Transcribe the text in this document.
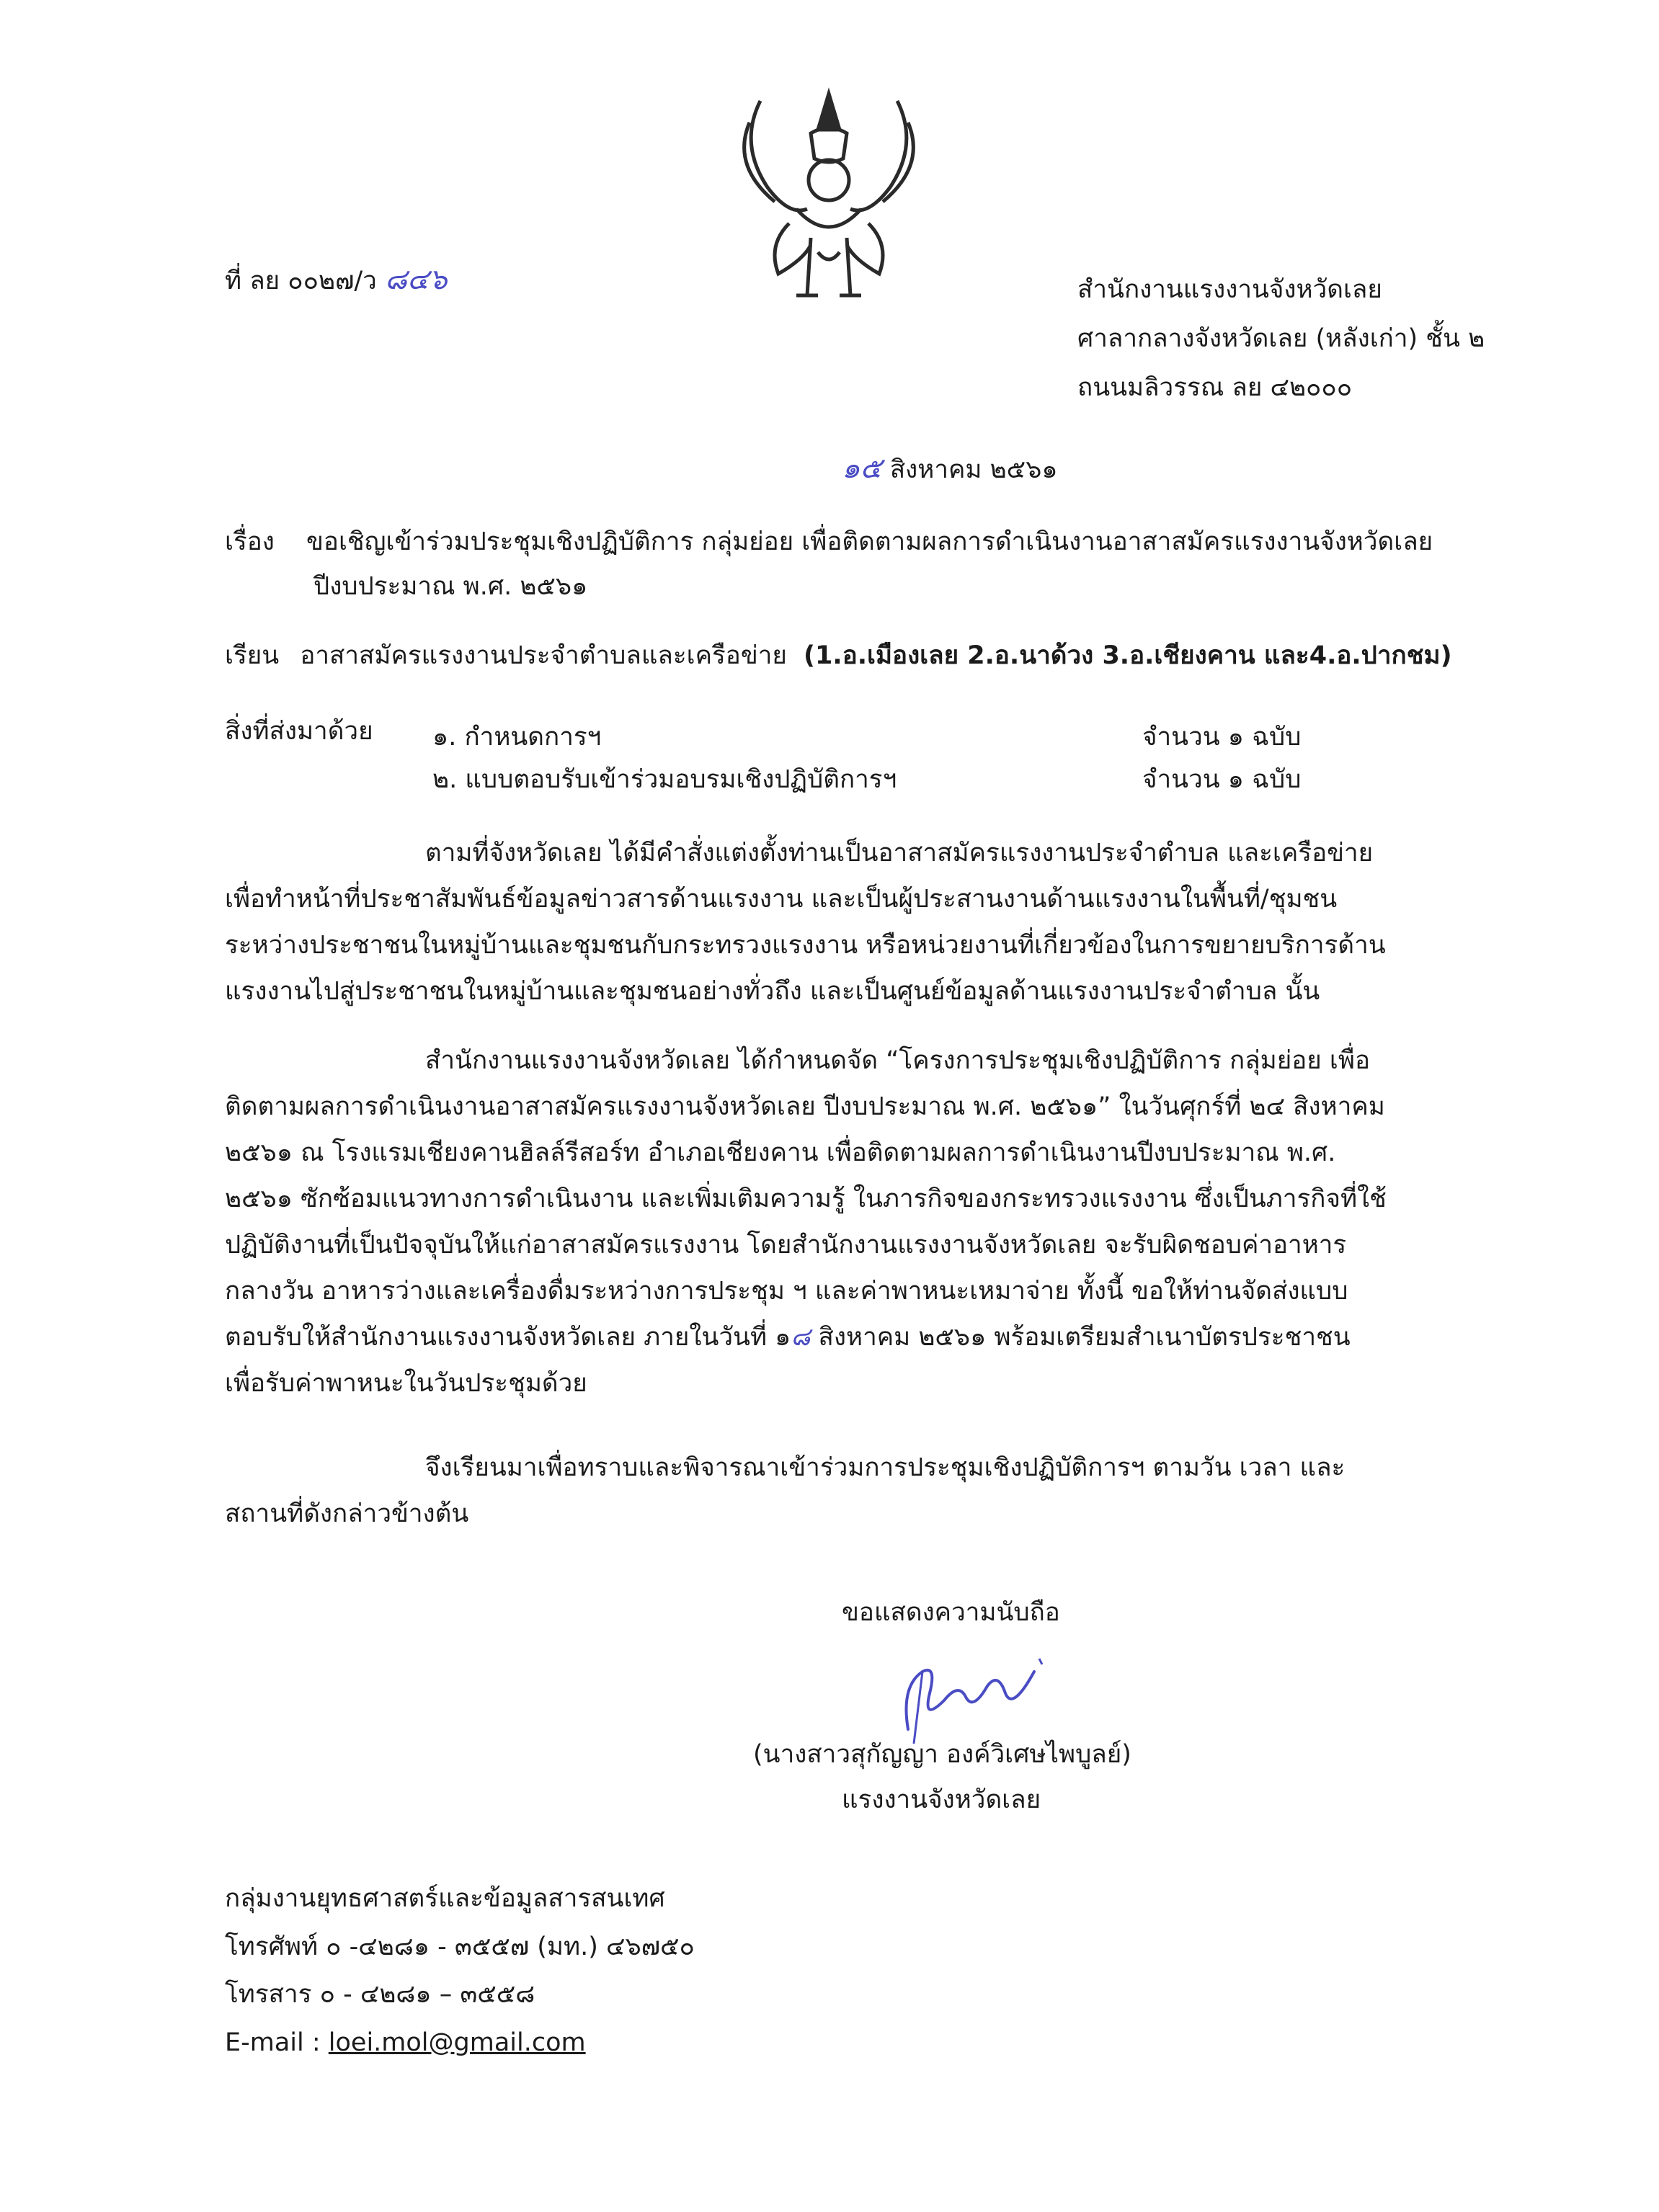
ที่ ลย ๐๐๒๗/ว ๘๔๖	สำนักงานแรงงานจังหวัดเลย
ศาลากลางจังหวัดเลย (หลังเก่า) ชั้น ๒
ถนนมลิวรรณ ลย ๔๒๐๐๐
๑๕ สิงหาคม ๒๕๖๑
เรื่อง ขอเชิญเข้าร่วมประชุมเชิงปฏิบัติการ กลุ่มย่อย เพื่อติดตามผลการดำเนินงานอาสาสมัครแรงงานจังหวัดเลย
ปีงบประมาณ พ.ศ. ๒๕๖๑
เรียน อาสาสมัครแรงงานประจำตำบลและเครือข่าย (1.อ.เมืองเลย 2.อ.นาด้วง 3.อ.เชียงคาน และ4.อ.ปากชม)
สิ่งที่ส่งมาด้วย ๑. กำหนดการฯ	จำนวน ๑ ฉบับ
๒. แบบตอบรับเข้าร่วมอบรมเชิงปฏิบัติการฯ	จำนวน ๑ ฉบับ
ตามที่จังหวัดเลย ได้มีคำสั่งแต่งตั้งท่านเป็นอาสาสมัครแรงงานประจำตำบล และเครือข่าย
เพื่อทำหน้าที่ประชาสัมพันธ์ข้อมูลข่าวสารด้านแรงงาน และเป็นผู้ประสานงานด้านแรงงานในพื้นที่/ชุมชน
ระหว่างประชาชนในหมู่บ้านและชุมชนกับกระทรวงแรงงาน หรือหน่วยงานที่เกี่ยวข้องในการขยายบริการด้าน
แรงงานไปสู่ประชาชนในหมู่บ้านและชุมชนอย่างทั่วถึง และเป็นศูนย์ข้อมูลด้านแรงงานประจำตำบล นั้น
สำนักงานแรงงานจังหวัดเลย ได้กำหนดจัด “โครงการประชุมเชิงปฏิบัติการ กลุ่มย่อย เพื่อ
ติดตามผลการดำเนินงานอาสาสมัครแรงงานจังหวัดเลย ปีงบประมาณ พ.ศ. ๒๕๖๑” ในวันศุกร์ที่ ๒๔ สิงหาคม
๒๕๖๑ ณ โรงแรมเชียงคานฮิลล์รีสอร์ท อำเภอเชียงคาน เพื่อติดตามผลการดำเนินงานปีงบประมาณ พ.ศ.
๒๕๖๑ ซักซ้อมแนวทางการดำเนินงาน และเพิ่มเติมความรู้ ในภารกิจของกระทรวงแรงงาน ซึ่งเป็นภารกิจที่ใช้
ปฏิบัติงานที่เป็นปัจจุบันให้แก่อาสาสมัครแรงงาน โดยสำนักงานแรงงานจังหวัดเลย จะรับผิดชอบค่าอาหาร
กลางวัน อาหารว่างและเครื่องดื่มระหว่างการประชุม ฯ และค่าพาหนะเหมาจ่าย ทั้งนี้ ขอให้ท่านจัดส่งแบบ
ตอบรับให้สำนักงานแรงงานจังหวัดเลย ภายในวันที่ ๑๘ สิงหาคม ๒๕๖๑ พร้อมเตรียมสำเนาบัตรประชาชน
เพื่อรับค่าพาหนะในวันประชุมด้วย
จึงเรียนมาเพื่อทราบและพิจารณาเข้าร่วมการประชุมเชิงปฏิบัติการฯ ตามวัน เวลา และ
สถานที่ดังกล่าวข้างต้น
ขอแสดงความนับถือ
(นางสาวสุกัญญา องค์วิเศษไพบูลย์)
แรงงานจังหวัดเลย
กลุ่มงานยุทธศาสตร์และข้อมูลสารสนเทศ
โทรศัพท์ ๐ -๔๒๘๑ - ๓๕๕๗ (มท.) ๔๖๗๕๐
โทรสาร ๐ - ๔๒๘๑ – ๓๕๕๘
E-mail : loei.mol@gmail.com
